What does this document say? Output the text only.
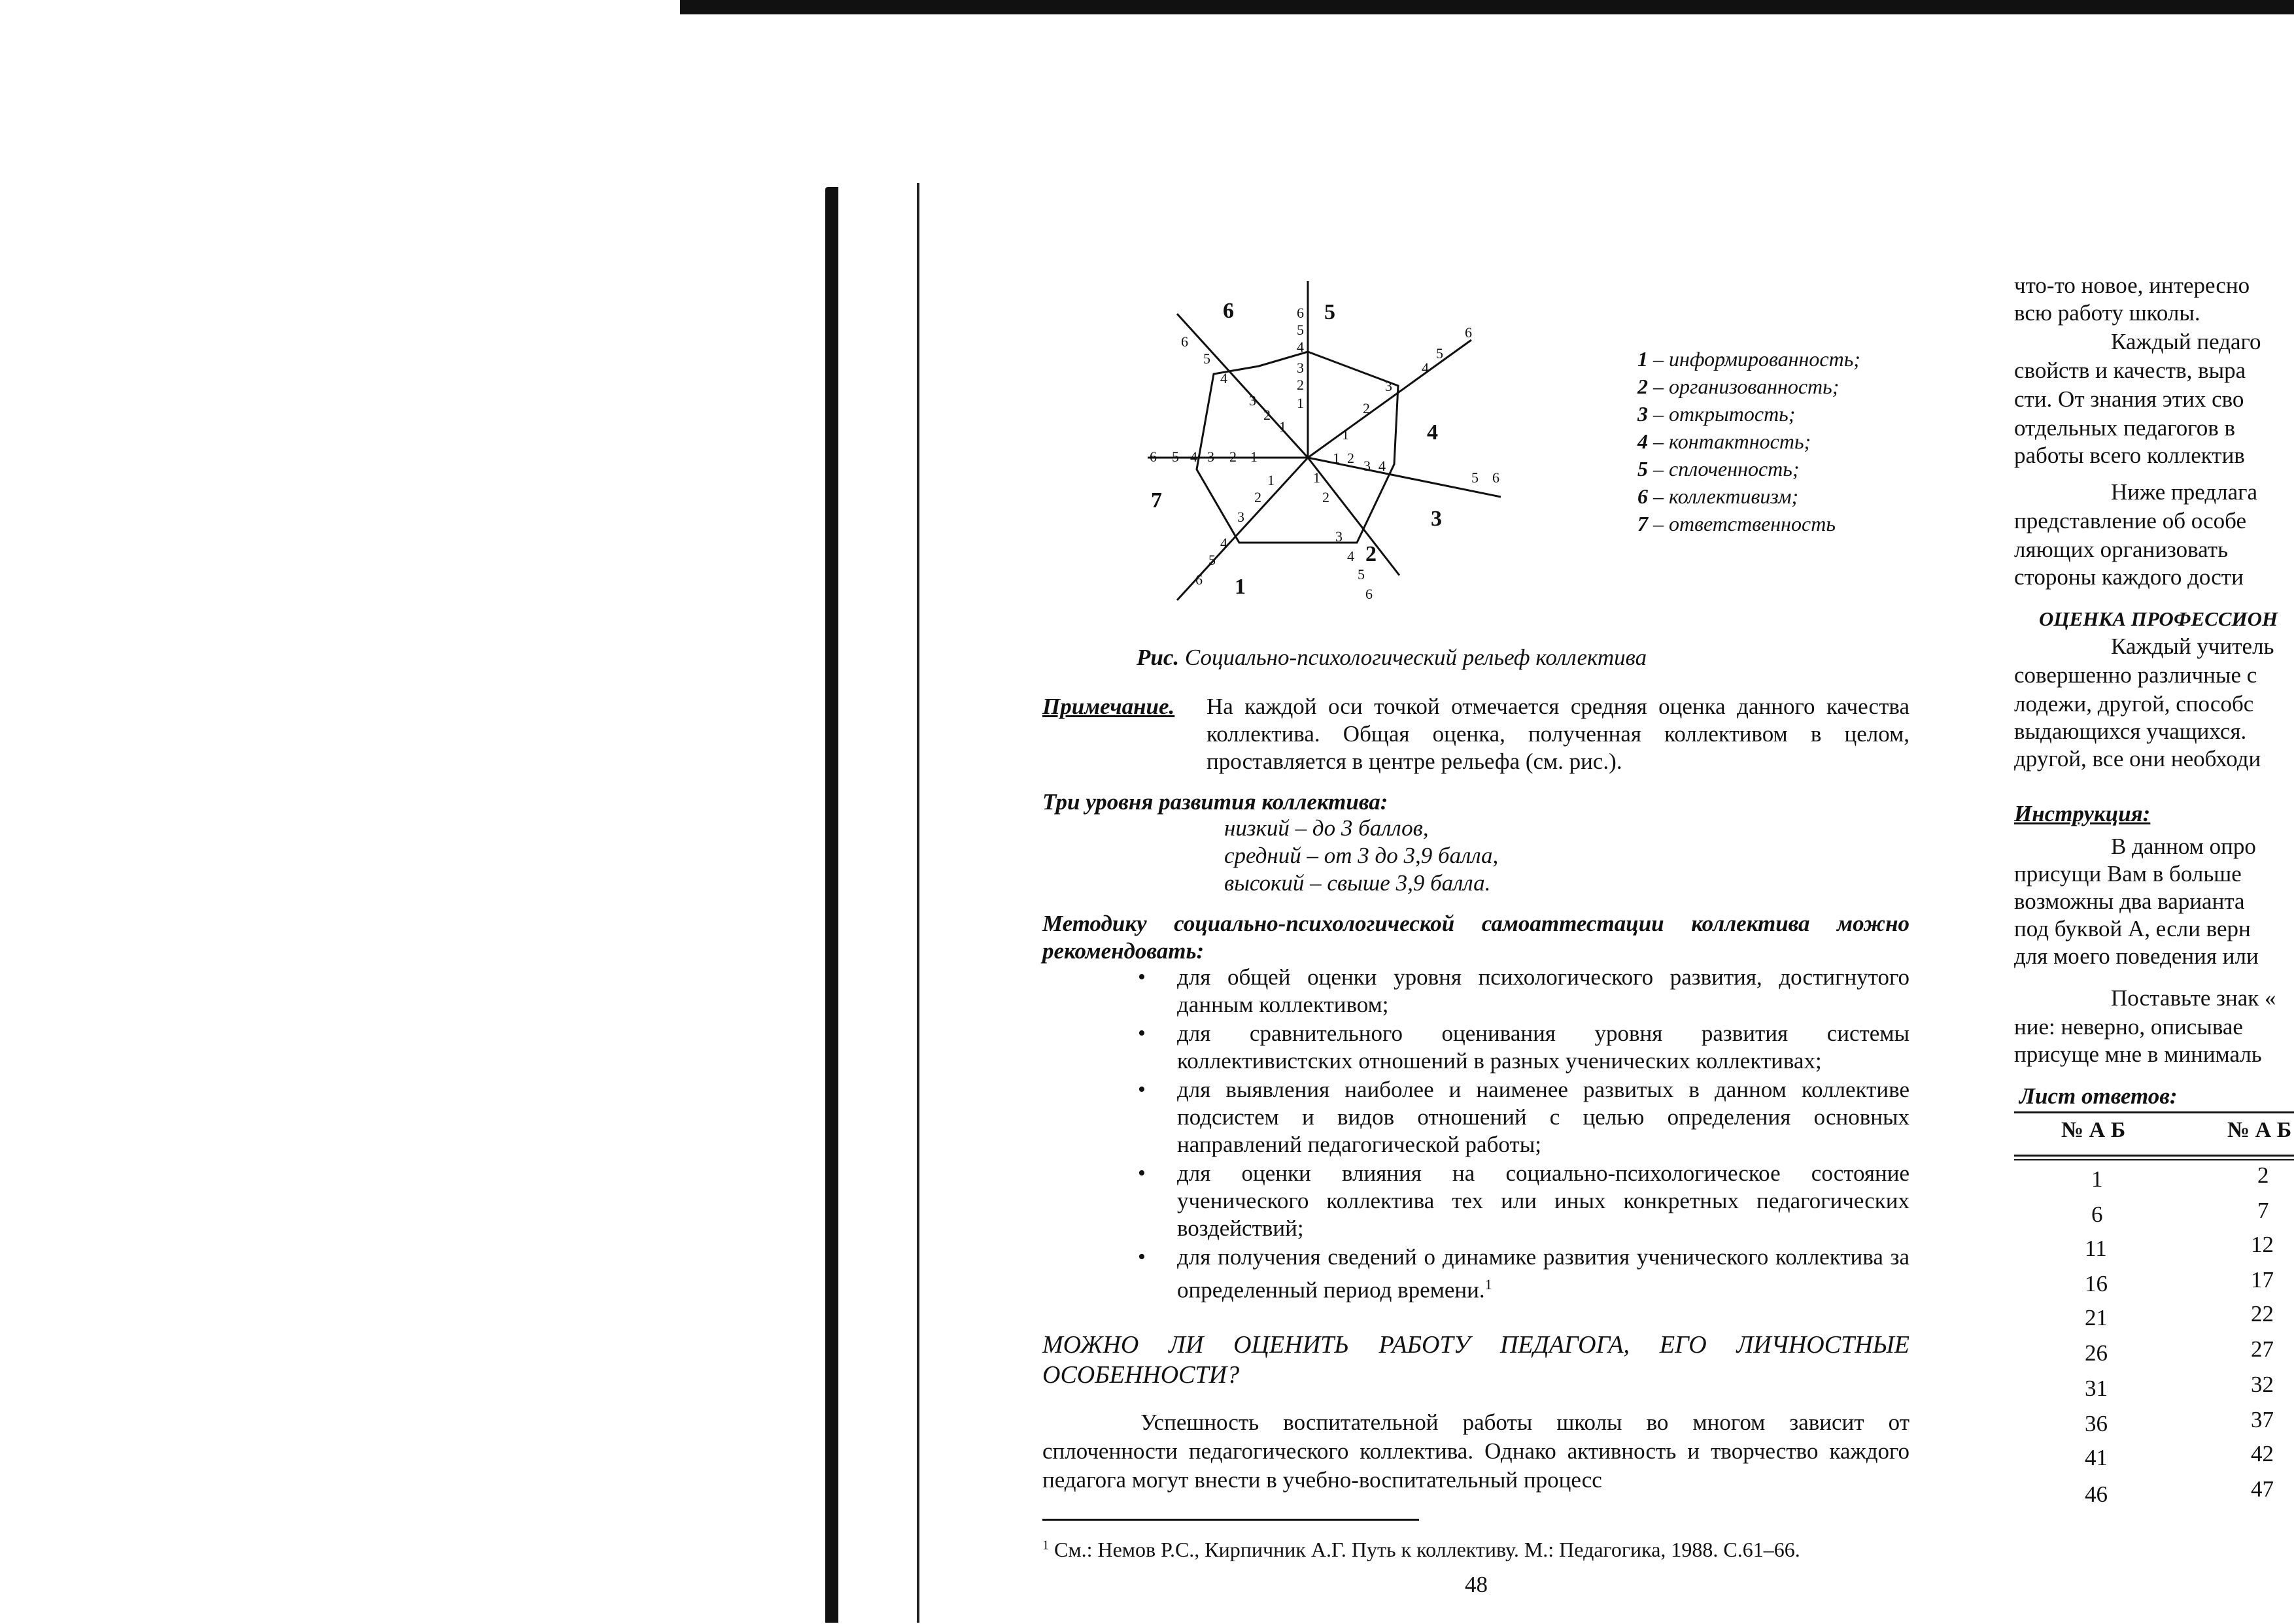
6
5
4
3
2
1
6 5 4 3 2 1	1 2 3 4
5 6
1
2
3
4
5
6
1
2
3
4
5
6
1
2
3
4
5
6
1
2
3
4
5
6
5
6
4
3
2
1
7
1 – информированность;
2 – организованность;
3 – открытость;
4 – контактность;
5 – сплоченность;
6 – коллективизм;
7 – ответственность
Рис. Социально-психологический рельеф коллектива
Примечание. На каждой оси точкой отмечается средняя оценка данного качества коллектива. Общая оценка, полученная коллективом в целом, проставляется в центре рельефа (см. рис.).
Три уровня развития коллектива:
низкий – до 3 баллов,
средний – от 3 до 3,9 балла,
высокий – свыше 3,9 балла.
Методику социально-психологической самоаттестации коллектива можно рекомендовать:
• для общей оценки уровня психологического развития, достигнутого данным коллективом;
• для сравнительного оценивания уровня развития системы коллективистских отношений в разных ученических коллективах;
• для выявления наиболее и наименее развитых в данном коллективе подсистем и видов отношений с целью определения основных направлений педагогической работы;
• для оценки влияния на социально-психологическое состояние ученического коллектива тех или иных конкретных педагогических воздействий;
• для получения сведений о динамике развития ученического коллектива за определенный период времени.$^1$
МОЖНО ЛИ ОЦЕНИТЬ РАБОТУ ПЕДАГОГА, ЕГО ЛИЧНОСТНЫЕ
ОСОБЕННОСТИ?
Успешность воспитательной работы школы во многом зависит от сплоченности педагогического коллектива. Однако активность и творчество каждого педагога могут внести в учебно-воспитательный процесс
$^1$ См.: Немов Р.С., Кирпичник А.Г. Путь к коллективу. М.: Педагогика, 1988. С.61–66.
48
что-то новое, интересно
всю работу школы.
Каждый педаго
свойств и качеств, выра
сти. От знания этих сво
отдельных педагогов в
работы всего коллектив
Ниже предлага
представление об особе
ляющих организовать
стороны каждого дости
ОЦЕНКА ПРОФЕССИОН
Каждый учитель
совершенно различные с
лодежи, другой, способс
выдающихся учащихся.
другой, все они необходи
Инструкция:
В данном опро
присущи Вам в больше
возможны два варианта
под буквой А, если верн
для моего поведения или
Поставьте знак «
ние: неверно, описывае
присуще мне в минималь
Лист ответов:
№ А Б	№ А Б
1
6
11
16
21
26
31
36
41
46
2
7
12
17
22
27
32
37
42
47
